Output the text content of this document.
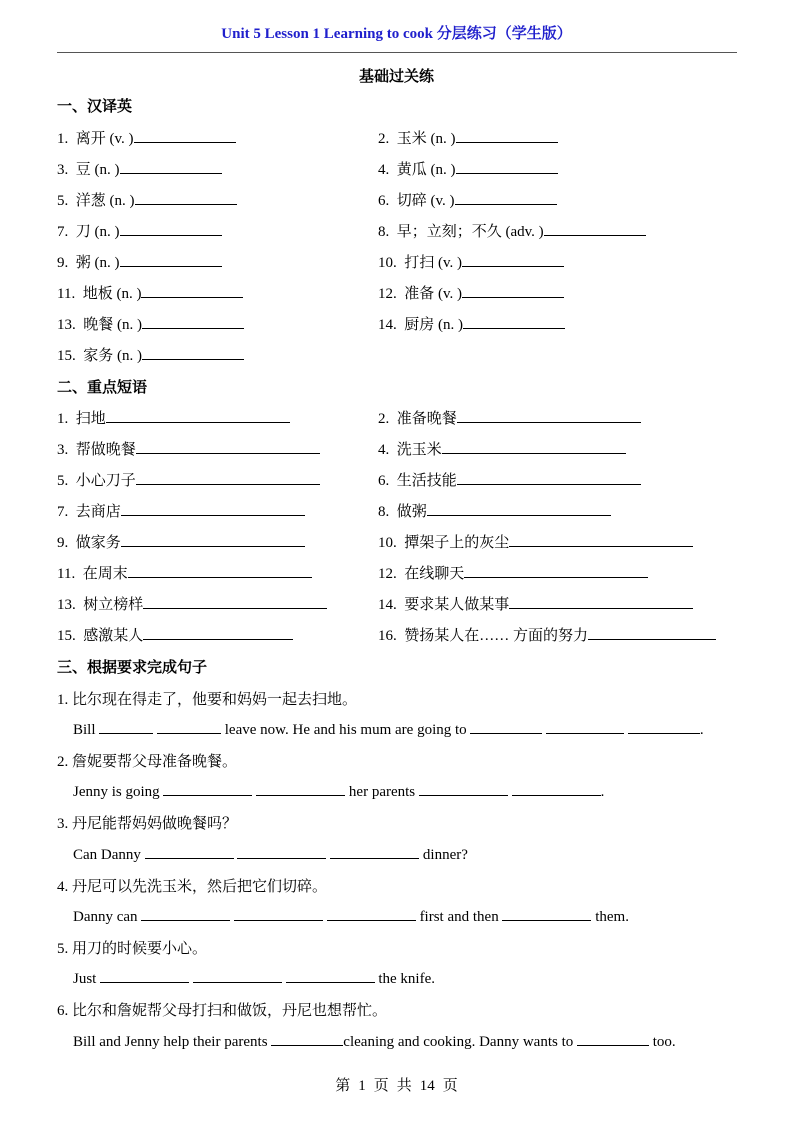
Unit 5 Lesson 1 Learning to cook 分层练习（学生版）
基础过关练
一、汉译英
1. 离开 (v. )	2. 玉米 (n. )
3. 豆 (n. )	4. 黄瓜 (n. )
5. 洋葱 (n. )	6. 切碎 (v. )
7. 刀 (n. )	8. 早；立刻；不久 (adv. )
9. 粥 (n. )	10. 打扫 (v. )
11. 地板 (n. )	12. 准备 (v. )
13. 晚餐 (n. )	14. 厨房 (n. )
15. 家务 (n. )
二、重点短语
1. 扫地	2. 准备晚餐
3. 帮做晚餐	4. 洗玉米
5. 小心刀子	6. 生活技能
7. 去商店	8. 做粥
9. 做家务	10. 撢架子上的灰尘
11. 在周末	12. 在线聊天
13. 树立榜样	14. 要求某人做某事
15. 感激某人	16. 赞扬某人在…… 方面的努力
三、根据要求完成句子
1. 比尔现在得走了，他要和妈妈一起去扫地。
Bill	leave now. He and his mum are going to	.
2. 詹妮要帮父母准备晚餐。
Jenny is going	her parents	.
3. 丹尼能帮妈妈做晚餐吗？
Can Danny	dinner?
4. 丹尼可以先洗玉米，然后把它们切碎。
Danny can	first and then	them.
5. 用刀的时候要小心。
Just	the knife.
6. 比尔和詹妮帮父母打扫和做饭，丹尼也想帮忙。
Bill and Jenny help their parents	cleaning and cooking. Danny wants to	too.
第 1 页 共 14 页
